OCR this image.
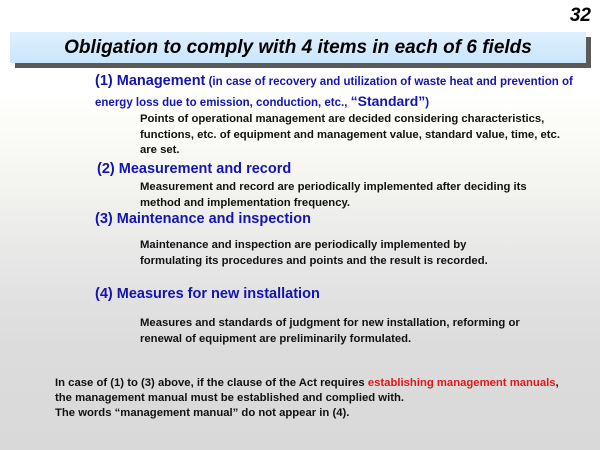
32
Obligation to comply with 4 items in each of 6 fields
(1) Management (in case of recovery and utilization of waste heat and prevention of energy loss due to emission, conduction, etc., “Standard”)
Points of operational management are decided considering characteristics,
functions, etc. of equipment and management value, standard value, time, etc.
are set.
(2) Measurement and record
Measurement and record are periodically implemented after deciding its
method and implementation frequency.
(3) Maintenance and inspection
Maintenance and inspection are periodically implemented by
formulating its procedures and points and the result is recorded.
(4) Measures for new installation
Measures and standards of judgment for new installation, reforming or
renewal of equipment are preliminarily formulated.
In case of (1) to (3) above, if the clause of the Act requires establishing management manuals,
the management manual must be established and complied with.
The words “management manual” do not appear in (4).
